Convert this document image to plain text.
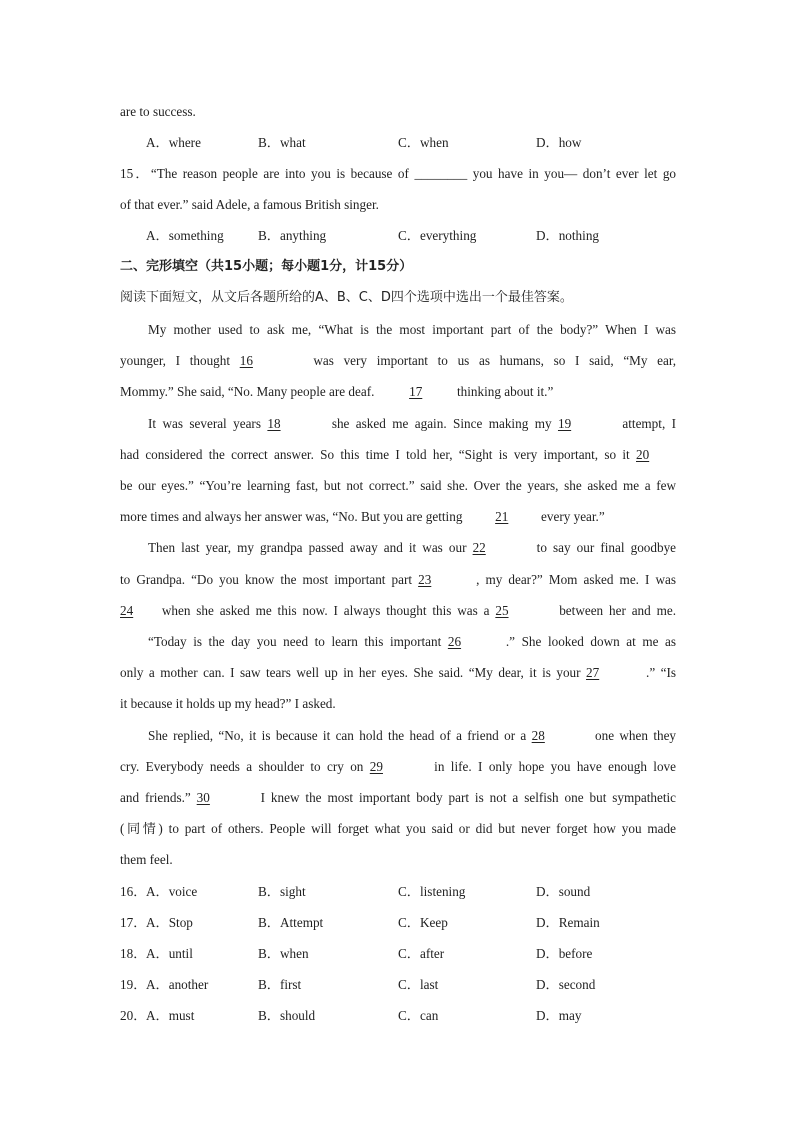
are to success.
A．where	B．what	C．when	D．how
15．“The reason people are into you is because of ________ you have in you— don’t ever let go
of that ever.” said Adele, a famous British singer.
A．something	B．anything	C．everything	D．nothing
二、完形填空（共15小题；每小题1分，计15分）
阅读下面短文，从文后各题所给的A、B、C、D四个选项中选出一个最佳答案。
My mother used to ask me, “What is the most important part of the body?” When I was
younger, I thought 16	was very important to us as humans, so I said, “My ear,
Mommy.” She said, “No. Many people are deaf.	17	thinking about it.”
It was several years 18	she asked me again. Since making my 19	attempt, I
had considered the correct answer. So this time I told her, “Sight is very important, so it 20
be our eyes.” “You’re learning fast, but not correct.” said she. Over the years, she asked me a few
more times and always her answer was, “No. But you are getting 21 every year.”
Then last year, my grandpa passed away and it was our 22	to say our final goodbye
to Grandpa. “Do you know the most important part 23	, my dear?” Mom asked me. I was
24 when she asked me this now. I always thought this was a 25	between her and me.
“Today is the day you need to learn this important 26	.” She looked down at me as
only a mother can. I saw tears well up in her eyes. She said. “My dear, it is your 27	.” “Is
it because it holds up my head?” I asked.
She replied, “No, it is because it can hold the head of a friend or a 28	one when they
cry. Everybody needs a shoulder to cry on 29	in life. I only hope you have enough love
and friends.” 30	I knew the most important body part is not a selfish one but sympathetic
(同情) to part of others. People will forget what you said or did but never forget how you made
them feel.
16． A．voice	B．sight	C．listening	D．sound
17． A．Stop	B．Attempt	C．Keep	D．Remain
18． A．until	B．when	C．after	D．before
19． A．another	B．first	C．last	D．second
20． A．must	B．should	C．can	D．may
